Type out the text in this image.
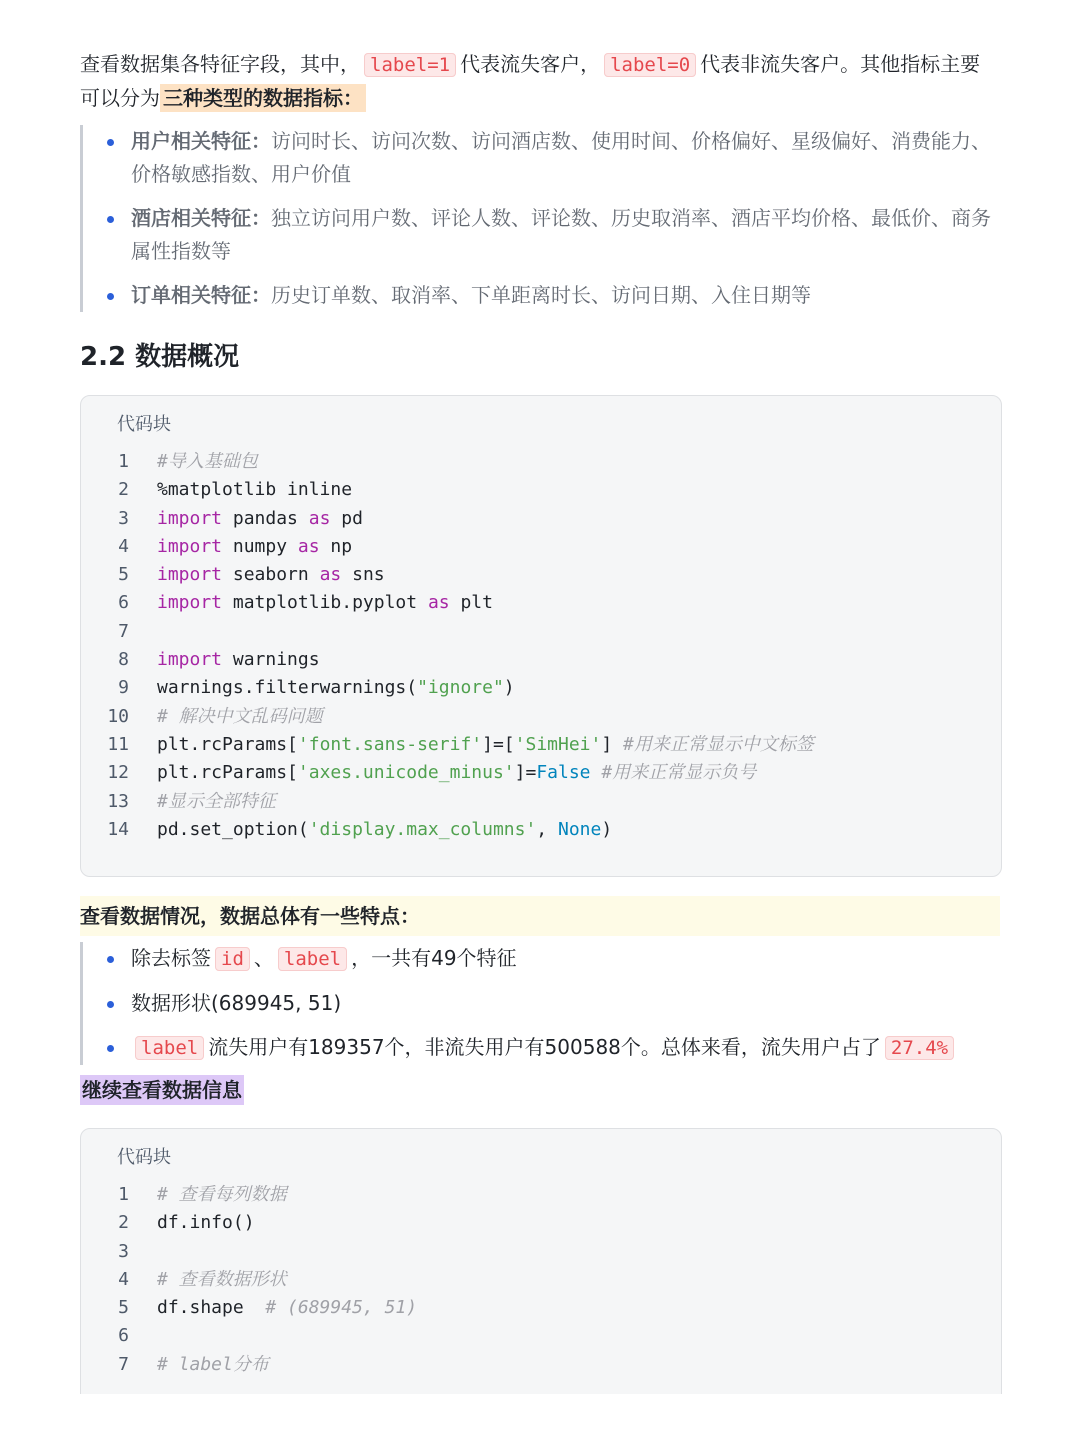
查看数据集各特征字段，其中， label=1 代表流失客户， label=0 代表非流失客户。其他指标主要可以分为 三种类型的数据指标：
用户相关特征：访问时长、访问次数、访问酒店数、使用时间、价格偏好、星级偏好、消费能力、价格敏感指数、用户价值
酒店相关特征：独立访问用户数、评论人数、评论数、历史取消率、酒店平均价格、最低价、商务属性指数等
订单相关特征：历史订单数、取消率、下单距离时长、访问日期、入住日期等
2.2 数据概况
代码块
1 #导入基础包
2 %matplotlib inline
3 import pandas as pd
4 import numpy as np
5 import seaborn as sns
6 import matplotlib.pyplot as plt
7
8 import warnings
9 warnings.filterwarnings("ignore")
10 # 解决中文乱码问题
11 plt.rcParams['font.sans-serif']=['SimHei'] #用来正常显示中文标签
12 plt.rcParams['axes.unicode_minus']=False #用来正常显示负号
13 #显示全部特征
14 pd.set_option('display.max_columns', None)
查看数据情况，数据总体有一些特点：
除去标签 id 、 label ，一共有49个特征
数据形状(689945, 51)
label 流失用户有189357个，非流失用户有500588个。总体来看，流失用户占了 27.4%
继续查看数据信息
代码块
1 # 查看每列数据
2 df.info()
3
4 # 查看数据形状
5 df.shape  # (689945, 51)
6
7 # label分布
